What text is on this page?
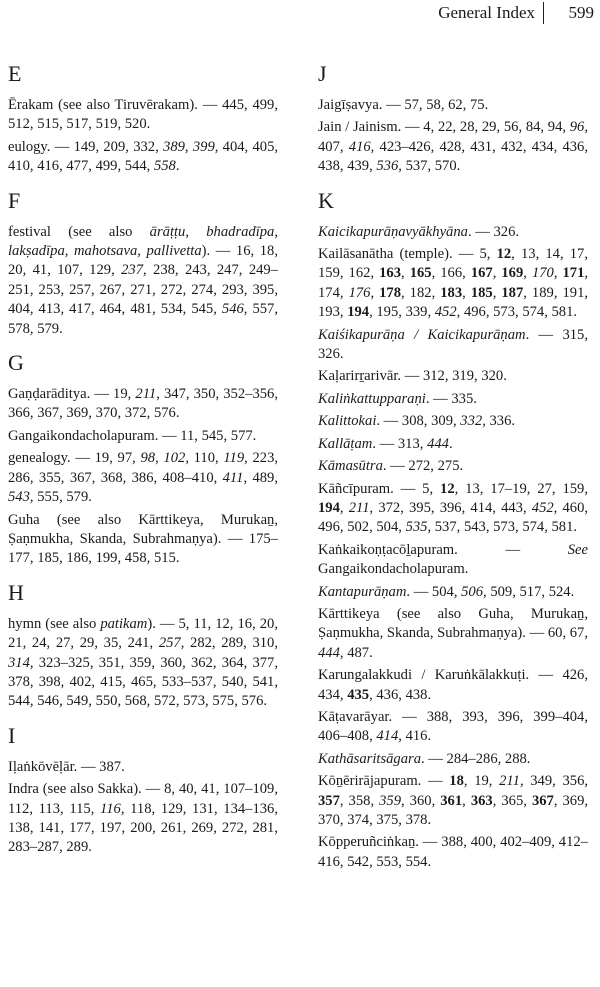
General Index 599
E
Ērakam (see also Tiruvērakam). — 445, 499, 512, 515, 517, 519, 520.
eulogy. — 149, 209, 332, 389, 399, 404, 405, 410, 416, 477, 499, 544, 558.
F
festival (see also ārāṭṭu, bhadradīpa, lakṣadīpa, mahotsava, pallivetta). — 16, 18, 20, 41, 107, 129, 237, 238, 243, 247, 249–251, 253, 257, 267, 271, 272, 274, 293, 395, 404, 413, 417, 464, 481, 534, 545, 546, 557, 578, 579.
G
Gaṇḍarāditya. — 19, 211, 347, 350, 352–356, 366, 367, 369, 370, 372, 576.
Gangaikondacholapuram. — 11, 545, 577.
genealogy. — 19, 97, 98, 102, 110, 119, 223, 286, 355, 367, 368, 386, 408–410, 411, 489, 543, 555, 579.
Guha (see also Kārttikeya, Murukaṉ, Ṣaṇmukha, Skanda, Subrahmaṇya). — 175–177, 185, 186, 199, 458, 515.
H
hymn (see also patikam). — 5, 11, 12, 16, 20, 21, 24, 27, 29, 35, 241, 257, 282, 289, 310, 314, 323–325, 351, 359, 360, 362, 364, 377, 378, 398, 402, 415, 465, 533–537, 540, 541, 544, 546, 549, 550, 568, 572, 573, 575, 576.
I
Iḷaṅkōvēḷār. — 387.
Indra (see also Sakka). — 8, 40, 41, 107–109, 112, 113, 115, 116, 118, 129, 131, 134–136, 138, 141, 177, 197, 200, 261, 269, 272, 281, 283–287, 289.
J
Jaigīṣavya. — 57, 58, 62, 75.
Jain / Jainism. — 4, 22, 28, 29, 56, 84, 94, 96, 407, 416, 423–426, 428, 431, 432, 434, 436, 438, 439, 536, 537, 570.
K
Kaicikapurāṇavyākhyāna. — 326.
Kailāsanātha (temple). — 5, 12, 13, 14, 17, 159, 162, 163, 165, 166, 167, 169, 170, 171, 174, 176, 178, 182, 183, 185, 187, 189, 191, 193, 194, 195, 339, 452, 496, 573, 574, 581.
Kaiśikapurāṇa / Kaicikapurāṇam. — 315, 326.
Kaḷarirṟarivār. — 312, 319, 320.
Kaliṅkattupparaṇi. — 335.
Kalittokai. — 308, 309, 332, 336.
Kallāṭam. — 313, 444.
Kāmasūtra. — 272, 275.
Kāñcīpuram. — 5, 12, 13, 17–19, 27, 159, 194, 211, 372, 395, 396, 414, 443, 452, 460, 496, 502, 504, 535, 537, 543, 573, 574, 581.
Kaṅkaikoṇṭacōḻapuram. — See Gangaikondacholapuram.
Kantapurāṇam. — 504, 506, 509, 517, 524.
Kārttikeya (see also Guha, Murukaṉ, Ṣaṇmukha, Skanda, Subrahmaṇya). — 60, 67, 444, 487.
Karungalakkudi / Karuṅkālakkuṭi. — 426, 434, 435, 436, 438.
Kāṭavarāyar. — 388, 393, 396, 399–404, 406–408, 414, 416.
Kathāsaritsāgara. — 284–286, 288.
Kōṉērirājapuram. — 18, 19, 211, 349, 356, 357, 358, 359, 360, 361, 363, 365, 367, 369, 370, 374, 375, 378.
Kōpperuñciṅkaṉ. — 388, 400, 402–409, 412–416, 542, 553, 554.
